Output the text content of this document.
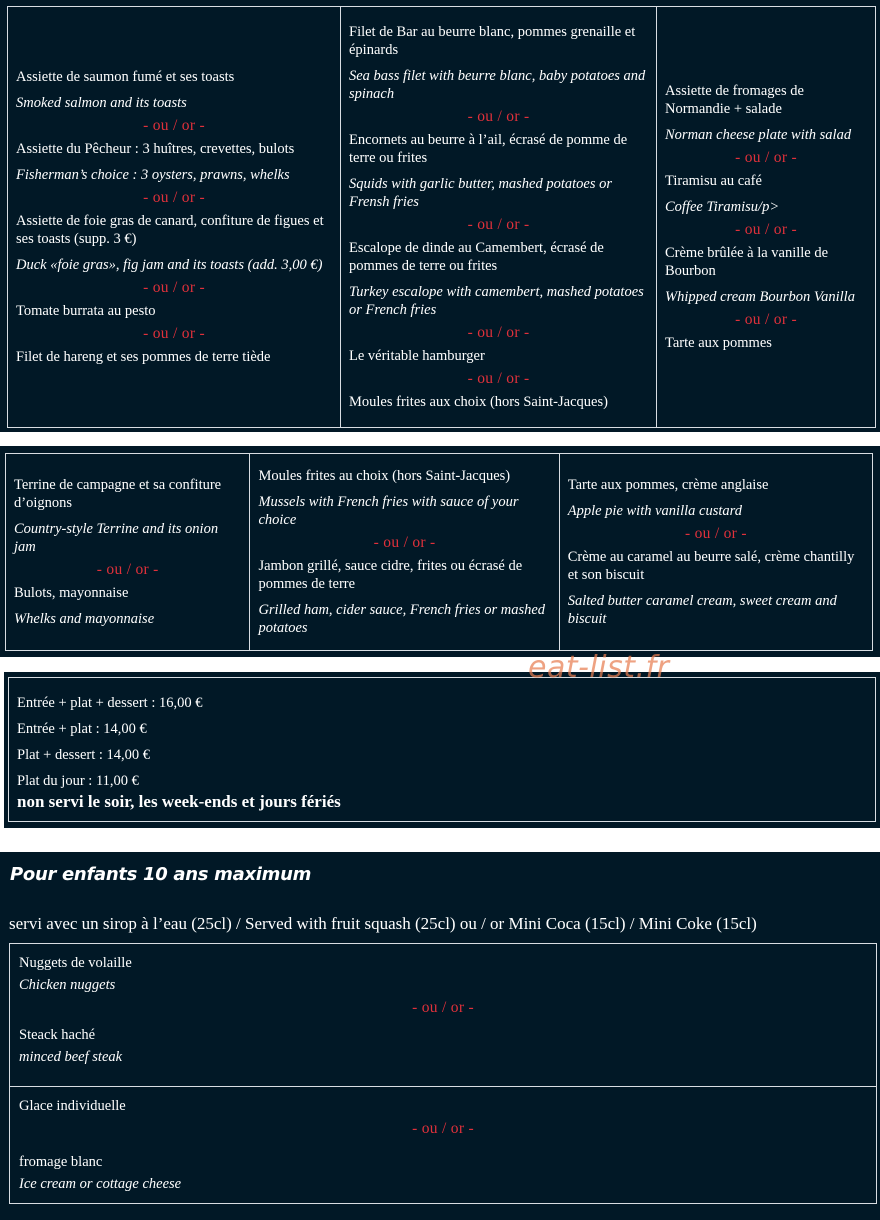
Assiette de saumon fumé et ses toasts
Smoked salmon and its toasts
- ou / or -
Assiette du Pêcheur : 3 huîtres, crevettes, bulots
Fisherman’s choice : 3 oysters, prawns, whelks
- ou / or -
Assiette de foie gras de canard, confiture de figues et ses toasts (supp. 3 €)
Duck «foie gras», fig jam and its toasts (add. 3,00 €)
- ou / or -
Tomate burrata au pesto
- ou / or -
Filet de hareng et ses pommes de terre tiède
Filet de Bar au beurre blanc, pommes grenaille et épinards
Sea bass filet with beurre blanc, baby potatoes and spinach
- ou / or -
Encornets au beurre à l’ail, écrasé de pomme de terre ou frites
Squids with garlic butter, mashed potatoes or Frensh fries
- ou / or -
Escalope de dinde au Camembert, écrasé de pommes de terre ou frites
Turkey escalope with camembert, mashed potatoes or French fries
- ou / or -
Le véritable hamburger
- ou / or -
Moules frites aux choix (hors Saint-Jacques)
Assiette de fromages de Normandie + salade
Norman cheese plate with salad
- ou / or -
Tiramisu au café
Coffee Tiramisu/p>
- ou / or -
Crème brûlée à la vanille de Bourbon
Whipped cream Bourbon Vanilla
- ou / or -
Tarte aux pommes
Terrine de campagne et sa confiture d’oignons
Country-style Terrine and its onion jam
- ou / or -
Bulots, mayonnaise
Whelks and mayonnaise
Moules frites au choix (hors Saint-Jacques)
Mussels with French fries with sauce of your choice
- ou / or -
Jambon grillé, sauce cidre, frites ou écrasé de pommes de terre
Grilled ham, cider sauce, French fries or mashed potatoes
Tarte aux pommes, crème anglaise
Apple pie with vanilla custard
- ou / or -
Crème au caramel au beurre salé, crème chantilly et son biscuit
Salted butter caramel cream, sweet cream and biscuit
Entrée + plat + dessert : 16,00 €
Entrée + plat : 14,00 €
Plat + dessert : 14,00 €
Plat du jour : 11,00 €
non servi le soir, les week-ends et jours fériés
eat-list.fr
Pour enfants 10 ans maximum
servi avec un sirop à l’eau (25cl) / Served with fruit squash (25cl) ou / or Mini Coca (15cl) / Mini Coke (15cl)
Nuggets de volaille
Chicken nuggets
- ou / or -
Steack haché
minced beef steak
Glace individuelle
- ou / or -
fromage blanc
Ice cream or cottage cheese
